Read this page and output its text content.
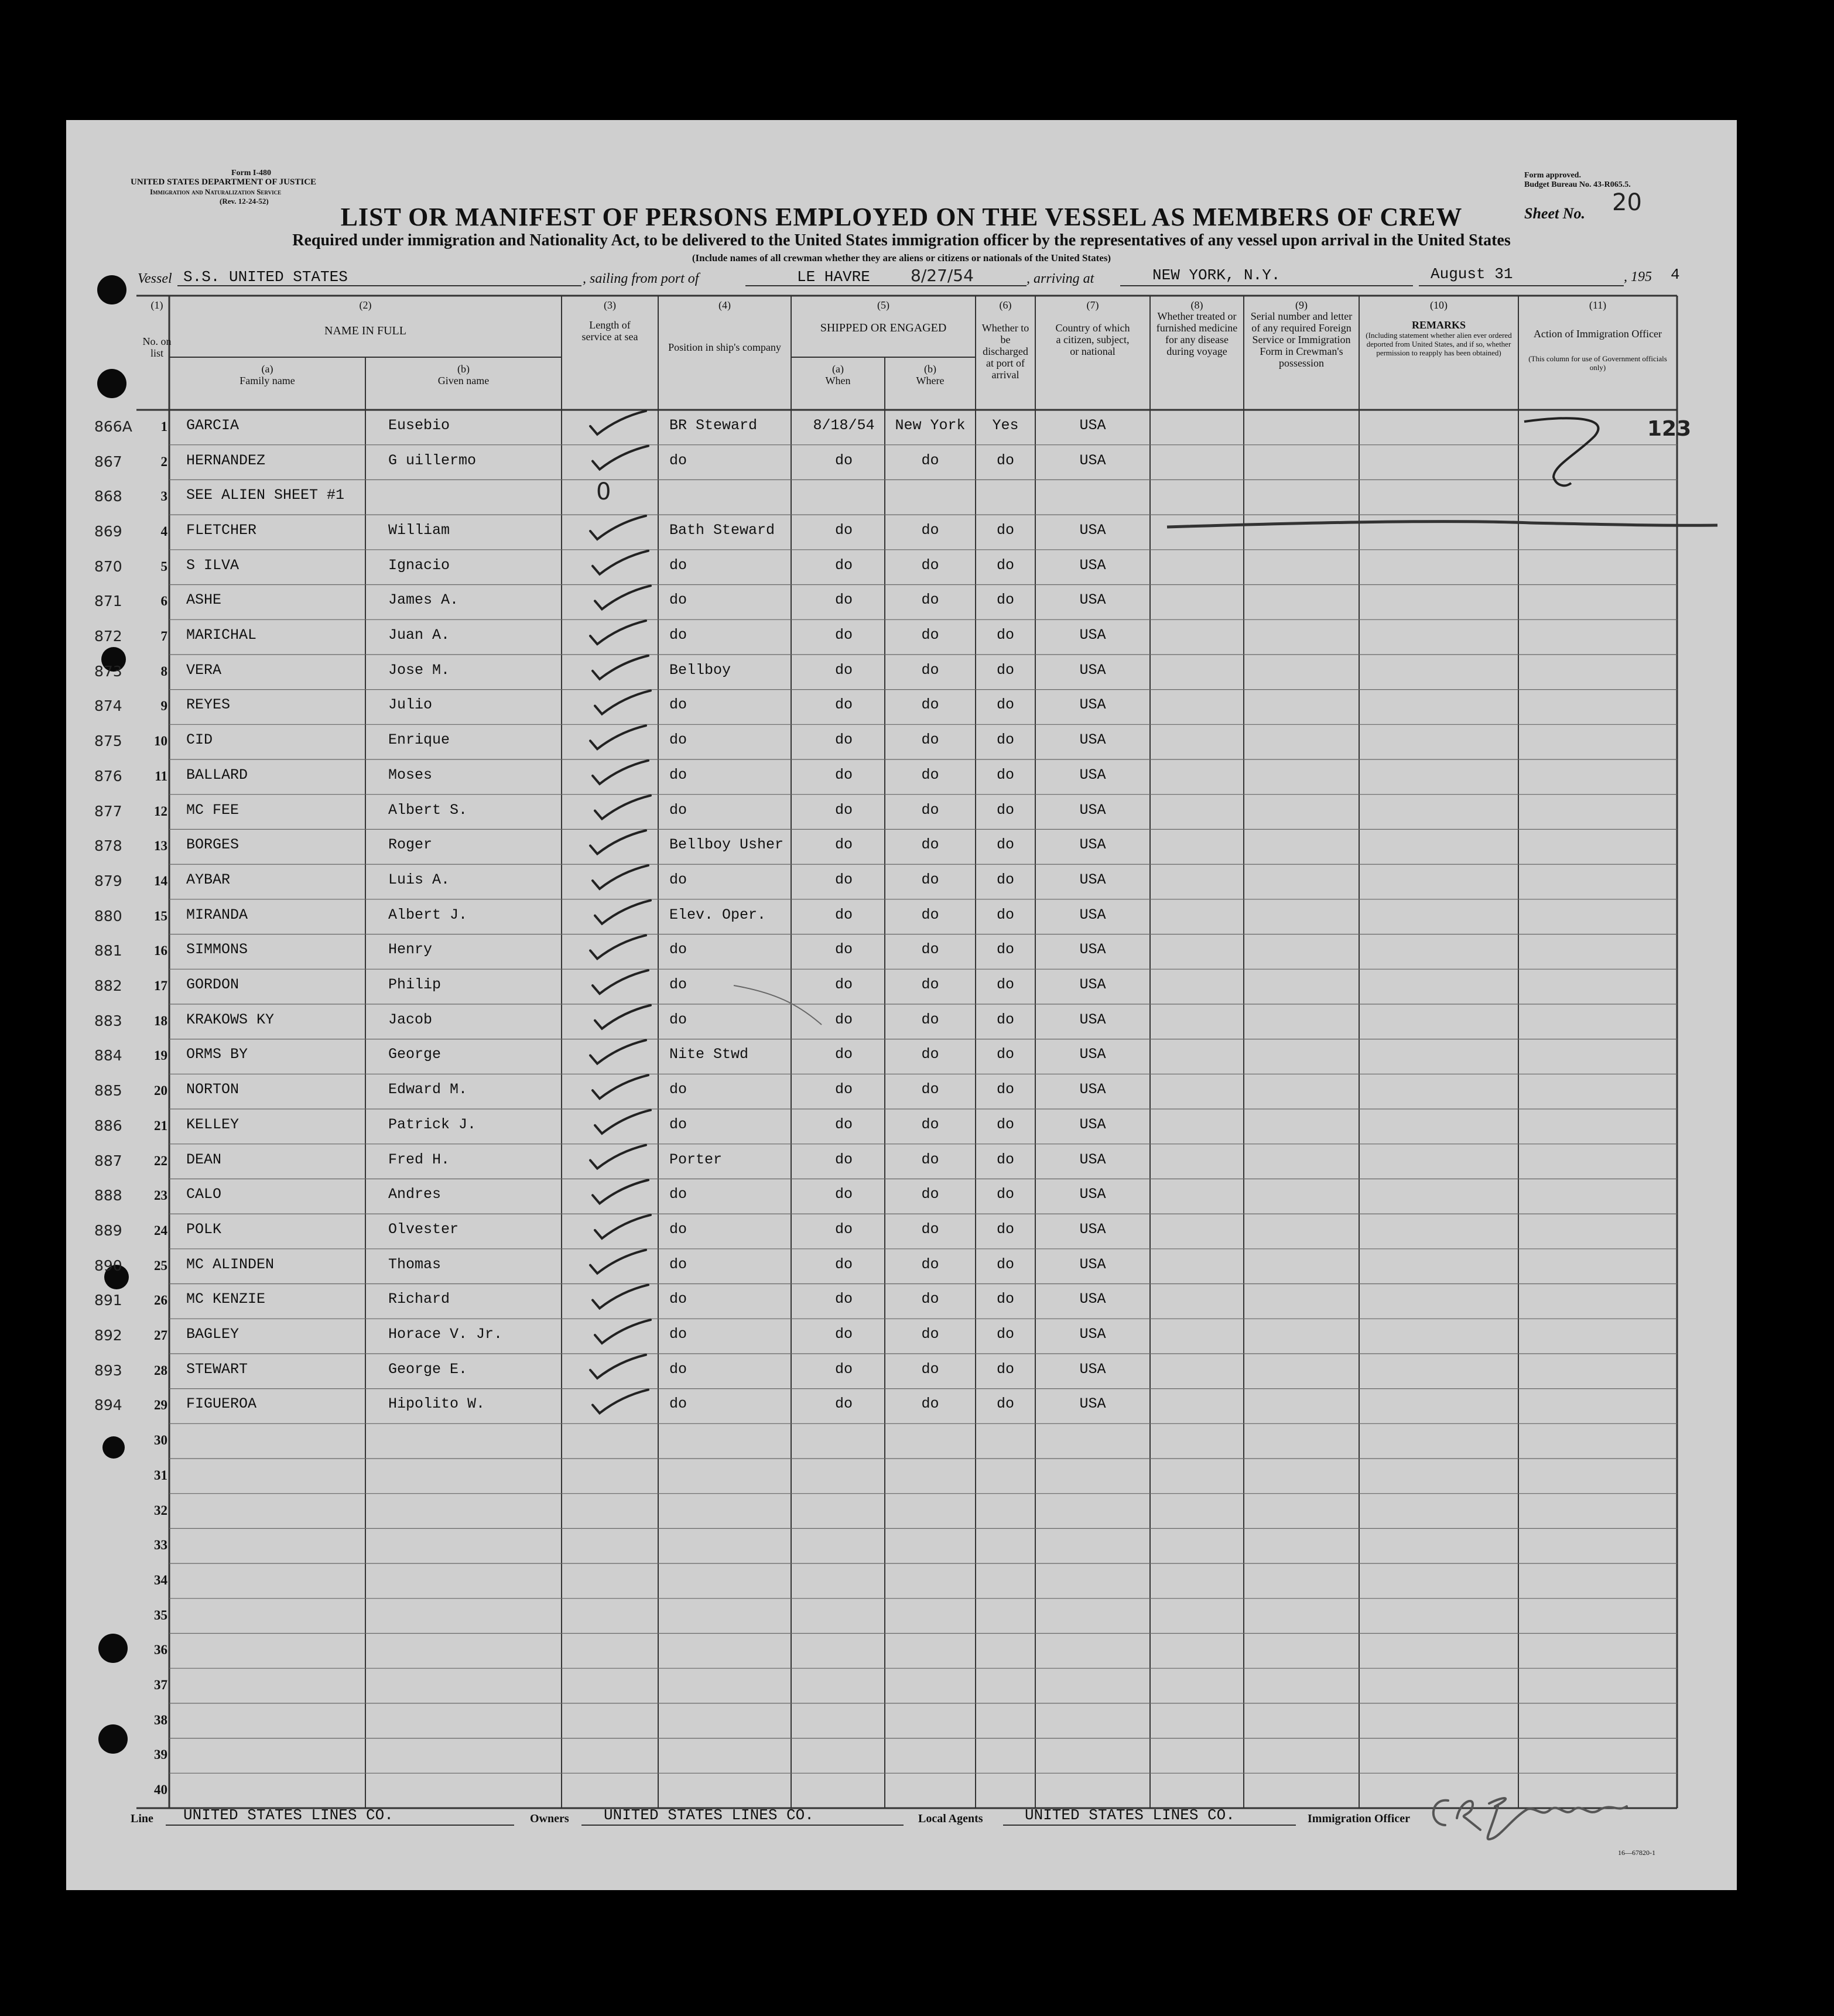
Form I-480
UNITED STATES DEPARTMENT OF JUSTICE
Immigration and Naturalization Service
(Rev. 12-24-52)
Form approved.
Budget Bureau No. 43-R065.5.
Sheet No. 20
LIST OR MANIFEST OF PERSONS EMPLOYED ON THE VESSEL AS MEMBERS OF CREW
Required under immigration and Nationality Act, to be delivered to the United States immigration officer by the representatives of any vessel upon arrival in the United States
(Include names of all crewman whether they are aliens or citizens or nationals of the United States)
Vessel S.S. UNITED STATES	, sailing from port of	LE HAVRE 8/27/54	, arriving at	NEW YORK, N.Y.	August 31	, 195 4
(1)
No. on list
(2)
NAME IN FULL
(a)
Family name
(b)
Given name
(3)
Length of service at sea
(4)
Position in ship's company
(5)
SHIPPED OR ENGAGED
(a)
When
(b)
Where
(6)
Whether to be discharged at port of arrival
(7)
Country of which a citizen, subject, or national
(8)
Whether treated or furnished medicine for any disease during voyage
(9)
Serial number and letter of any required Foreign Service or Immigration Form in Crewman's possession
(10)
REMARKS
(Including statement whether alien ever ordered deported from United States, and if so, whether permission to reapply has been obtained)
(11)
Action of Immigration Officer
(This column for use of Government officials only)
866A	1 GARCIA	Eusebio	BR Steward	8/18/54	New York	Yes	USA
867	2 HERNANDEZ	G uillermo	do	do	do	do	USA
868	3 SEE ALIEN SHEET #1
869	4 FLETCHER	William	Bath Steward	do	do	do	USA
870	5 S ILVA	Ignacio	do	do	do	do	USA
871	6 ASHE	James A.	do	do	do	do	USA
872	7 MARICHAL	Juan A.	do	do	do	do	USA
873	8 VERA	Jose M.	Bellboy	do	do	do	USA
874	9 REYES	Julio	do	do	do	do	USA
875	10 CID	Enrique	do	do	do	do	USA
876	11 BALLARD	Moses	do	do	do	do	USA
877	12 MC FEE	Albert S.	do	do	do	do	USA
878	13 BORGES	Roger	Bellboy Usher	do	do	do	USA
879	14 AYBAR	Luis A.	do	do	do	do	USA
880	15 MIRANDA	Albert J.	Elev. Oper.	do	do	do	USA
881	16 SIMMONS	Henry	do	do	do	do	USA
882	17 GORDON	Philip	do	do	do	do	USA
883	18 KRAKOWS KY	Jacob	do	do	do	do	USA
884	19 ORMS BY	George	Nite Stwd	do	do	do	USA
885	20 NORTON	Edward M.	do	do	do	do	USA
886	21 KELLEY	Patrick J.	do	do	do	do	USA
887	22 DEAN	Fred H.	Porter	do	do	do	USA
888	23 CALO	Andres	do	do	do	do	USA
889	24 POLK	Olvester	do	do	do	do	USA
890	25 MC ALINDEN	Thomas	do	do	do	do	USA
891	26 MC KENZIE	Richard	do	do	do	do	USA
892	27 BAGLEY	Horace V. Jr.	do	do	do	do	USA
893	28 STEWART	George E.	do	do	do	do	USA
894	29 FIGUEROA	Hipolito W.	do	do	do	do	USA
30
31
32
33
34
35
36
37
38
39
40
123
0
Line UNITED STATES LINES CO.	Owners UNITED STATES LINES CO.	Local Agents	UNITED STATES LINES CO.	Immigration Officer
16—67820-1
